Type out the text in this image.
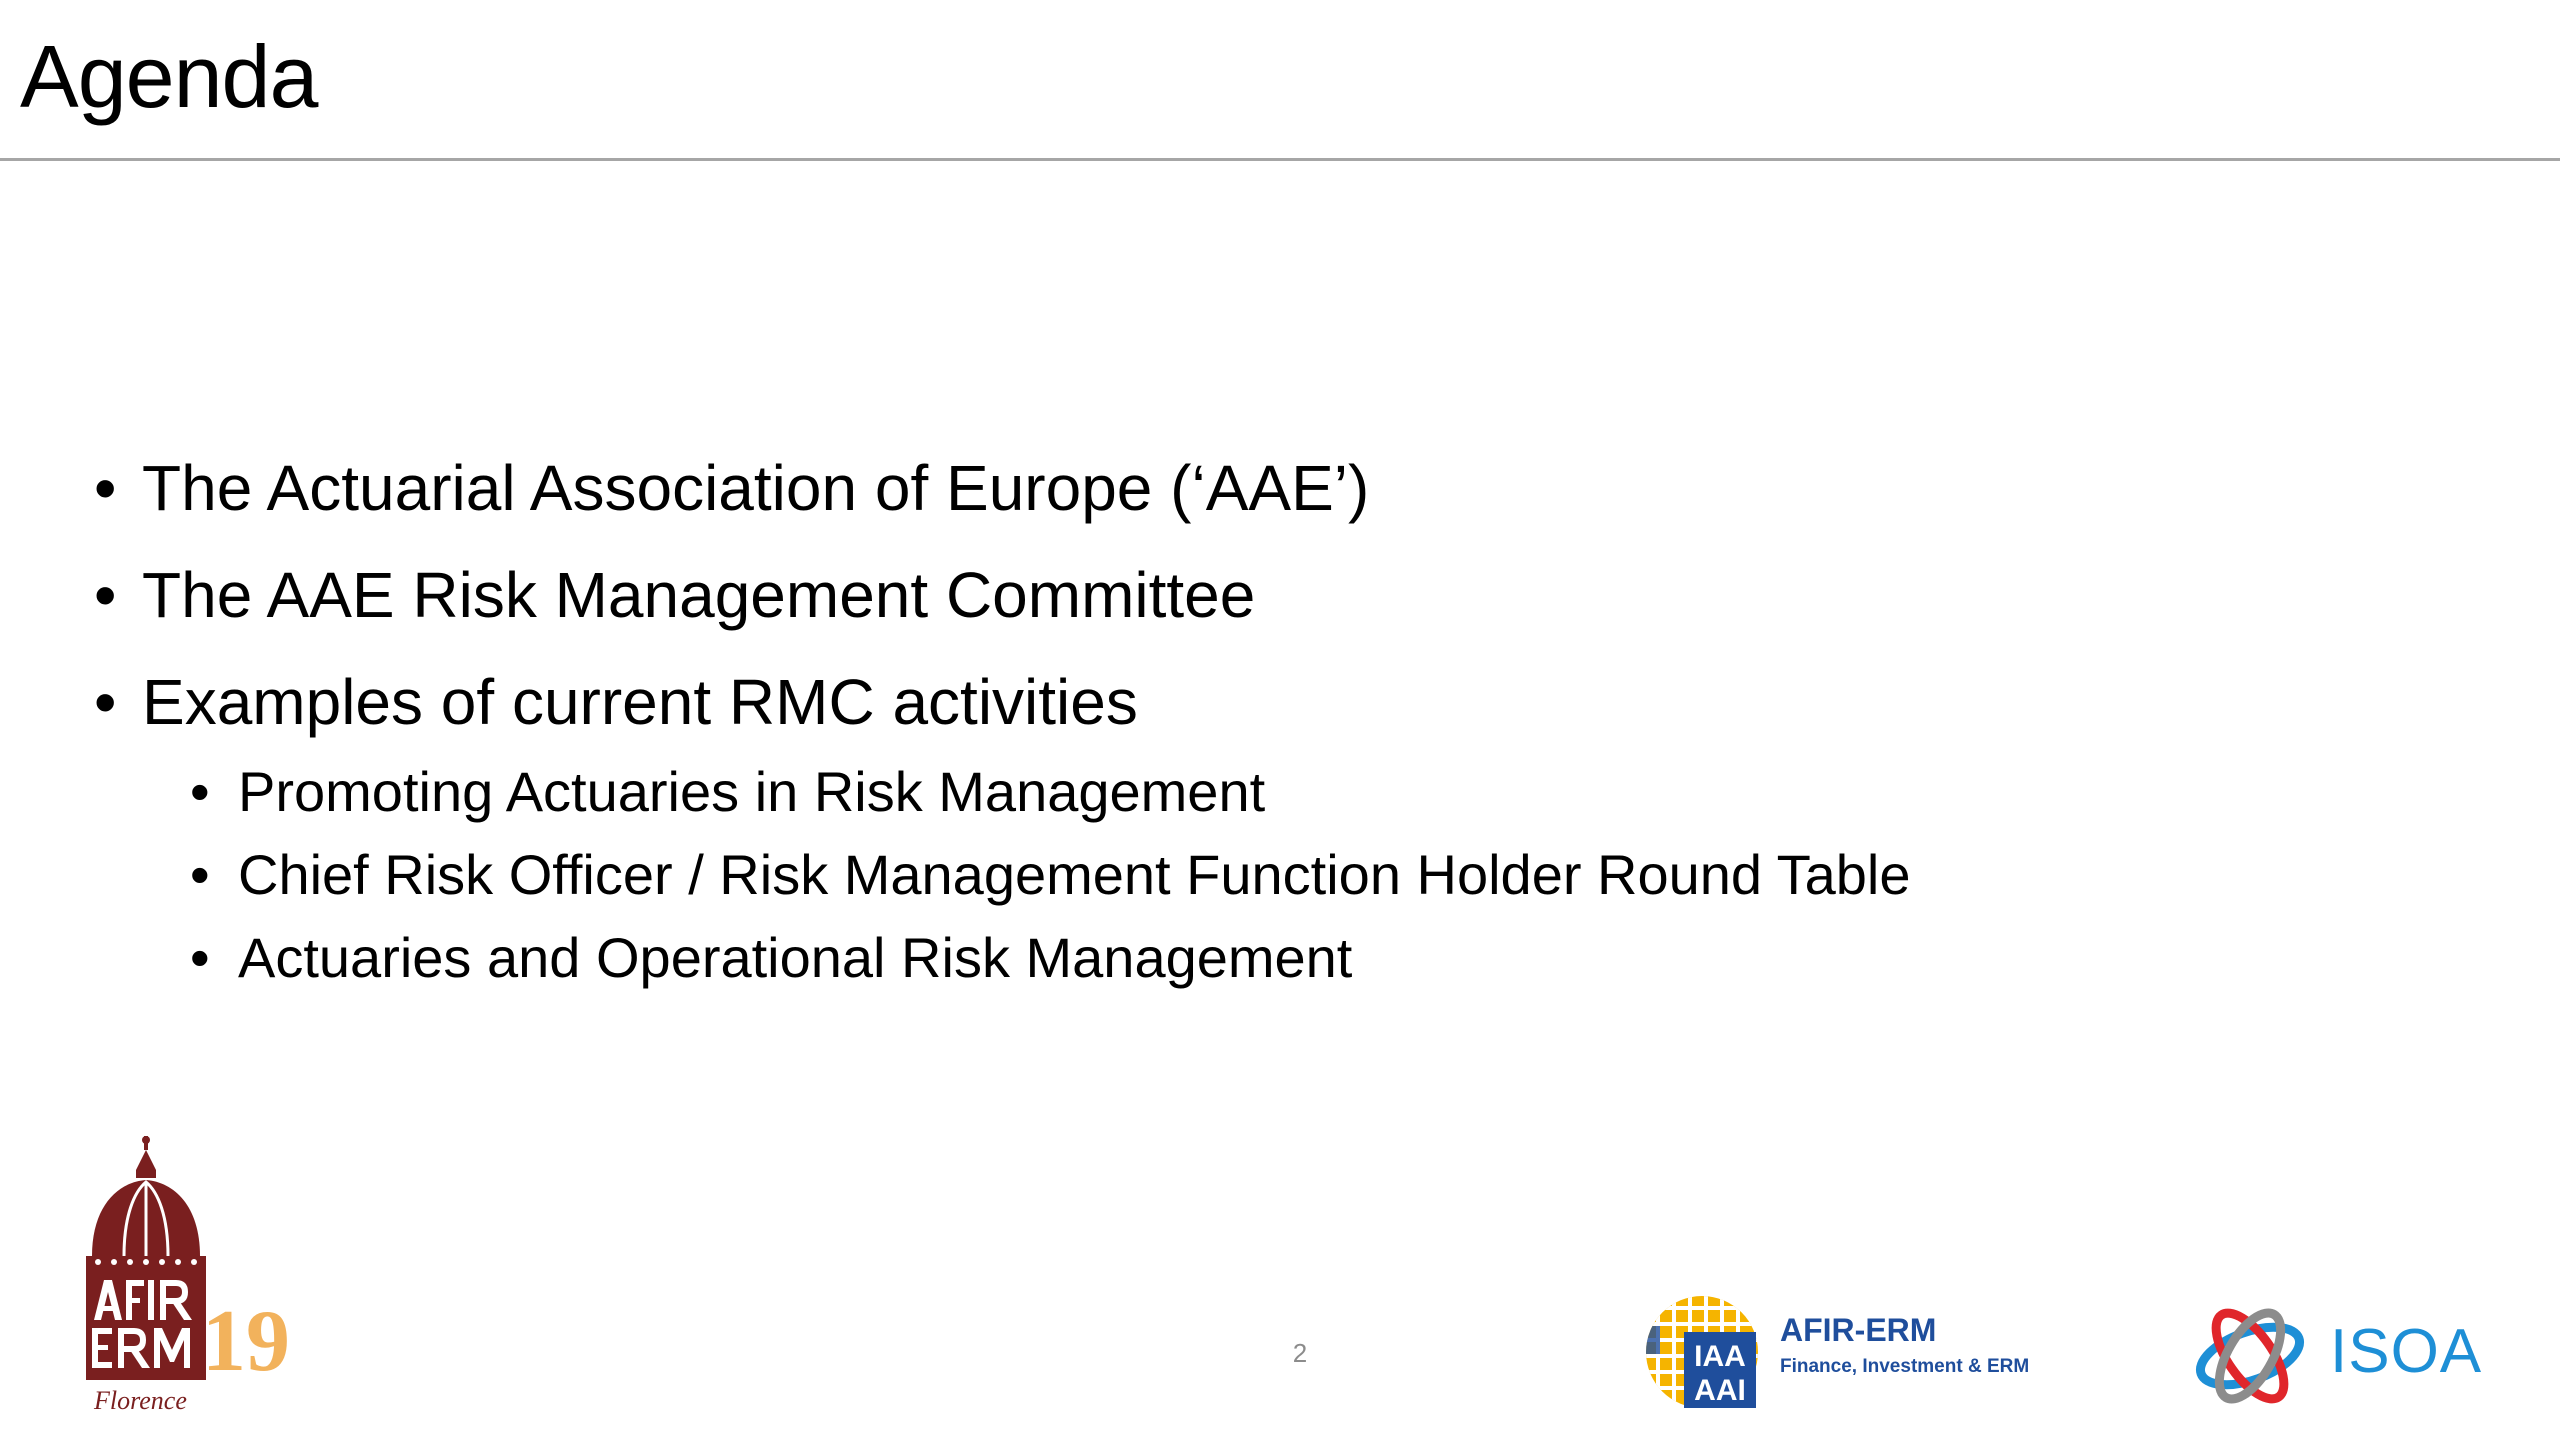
Agenda
• The Actuarial Association of Europe (‘AAE’)
• The AAE Risk Management Committee
• Examples of current RMC activities
• Promoting Actuaries in Risk Management
• Chief Risk Officer / Risk Management Function Holder Round Table
• Actuaries and Operational Risk Management
2
19
Florence
IAA
AAI
AFIR-ERM
Finance, Investment & ERM	ISOA
